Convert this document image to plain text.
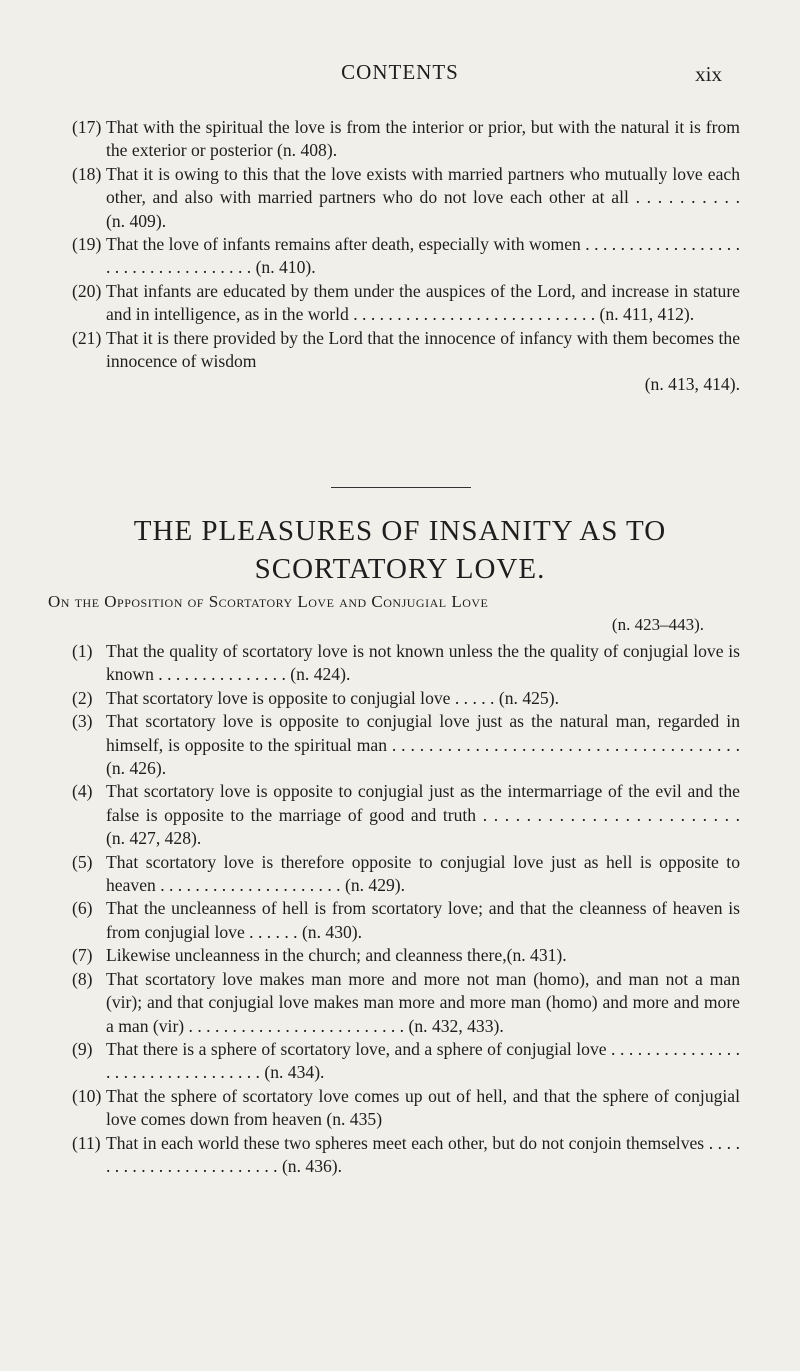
CONTENTS	xix
(17) That with the spiritual the love is from the interior or prior, but with the natural it is from the exterior or posterior (n. 408).
(18) That it is owing to this that the love exists with married partners who mutually love each other, and also with married partners who do not love each other at all . . . . . . . . . . (n. 409).
(19) That the love of infants remains after death, especially with women . . . . . . . . . . . . . . . . . . . . . . . . . . . . . . . . . . . (n. 410).
(20) That infants are educated by them under the auspices of the Lord, and increase in stature and in intelligence, as in the world . . . . . . . . . . . . . . . . . . . . . . . . . . . . (n. 411, 412).
(21) That it is there provided by the Lord that the innocence of infancy with them becomes the innocence of wisdom
(n. 413, 414).
THE PLEASURES OF INSANITY AS TO
SCORTATORY LOVE.
On the Opposition of Scortatory Love and Conjugial Love
(n. 423–443).
(1) That the quality of scortatory love is not known unless the the quality of conjugial love is known . . . . . . . . . . . . . . . (n. 424).
(2) That scortatory love is opposite to conjugial love . . . . . (n. 425).
(3) That scortatory love is opposite to conjugial love just as the natural man, regarded in himself, is opposite to the spiritual man . . . . . . . . . . . . . . . . . . . . . . . . . . . . . . . . . . . . . . (n. 426).
(4) That scortatory love is opposite to conjugial just as the intermarriage of the evil and the false is opposite to the marriage of good and truth . . . . . . . . . . . . . . . . . . . . . . . . (n. 427, 428).
(5) That scortatory love is therefore opposite to conjugial love just as hell is opposite to heaven . . . . . . . . . . . . . . . . . . . . . (n. 429).
(6) That the uncleanness of hell is from scortatory love; and that the cleanness of heaven is from conjugial love . . . . . . (n. 430).
(7) Likewise uncleanness in the church; and cleanness there,(n. 431).
(8) That scortatory love makes man more and more not man (homo), and man not a man (vir); and that conjugial love makes man more and more man (homo) and more and more a man (vir) . . . . . . . . . . . . . . . . . . . . . . . . . (n. 432, 433).
(9) That there is a sphere of scortatory love, and a sphere of conjugial love . . . . . . . . . . . . . . . . . . . . . . . . . . . . . . . . . (n. 434).
(10) That the sphere of scortatory love comes up out of hell, and that the sphere of conjugial love comes down from heaven (n. 435)
(11) That in each world these two spheres meet each other, but do not conjoin themselves . . . . . . . . . . . . . . . . . . . . . . . . (n. 436).
